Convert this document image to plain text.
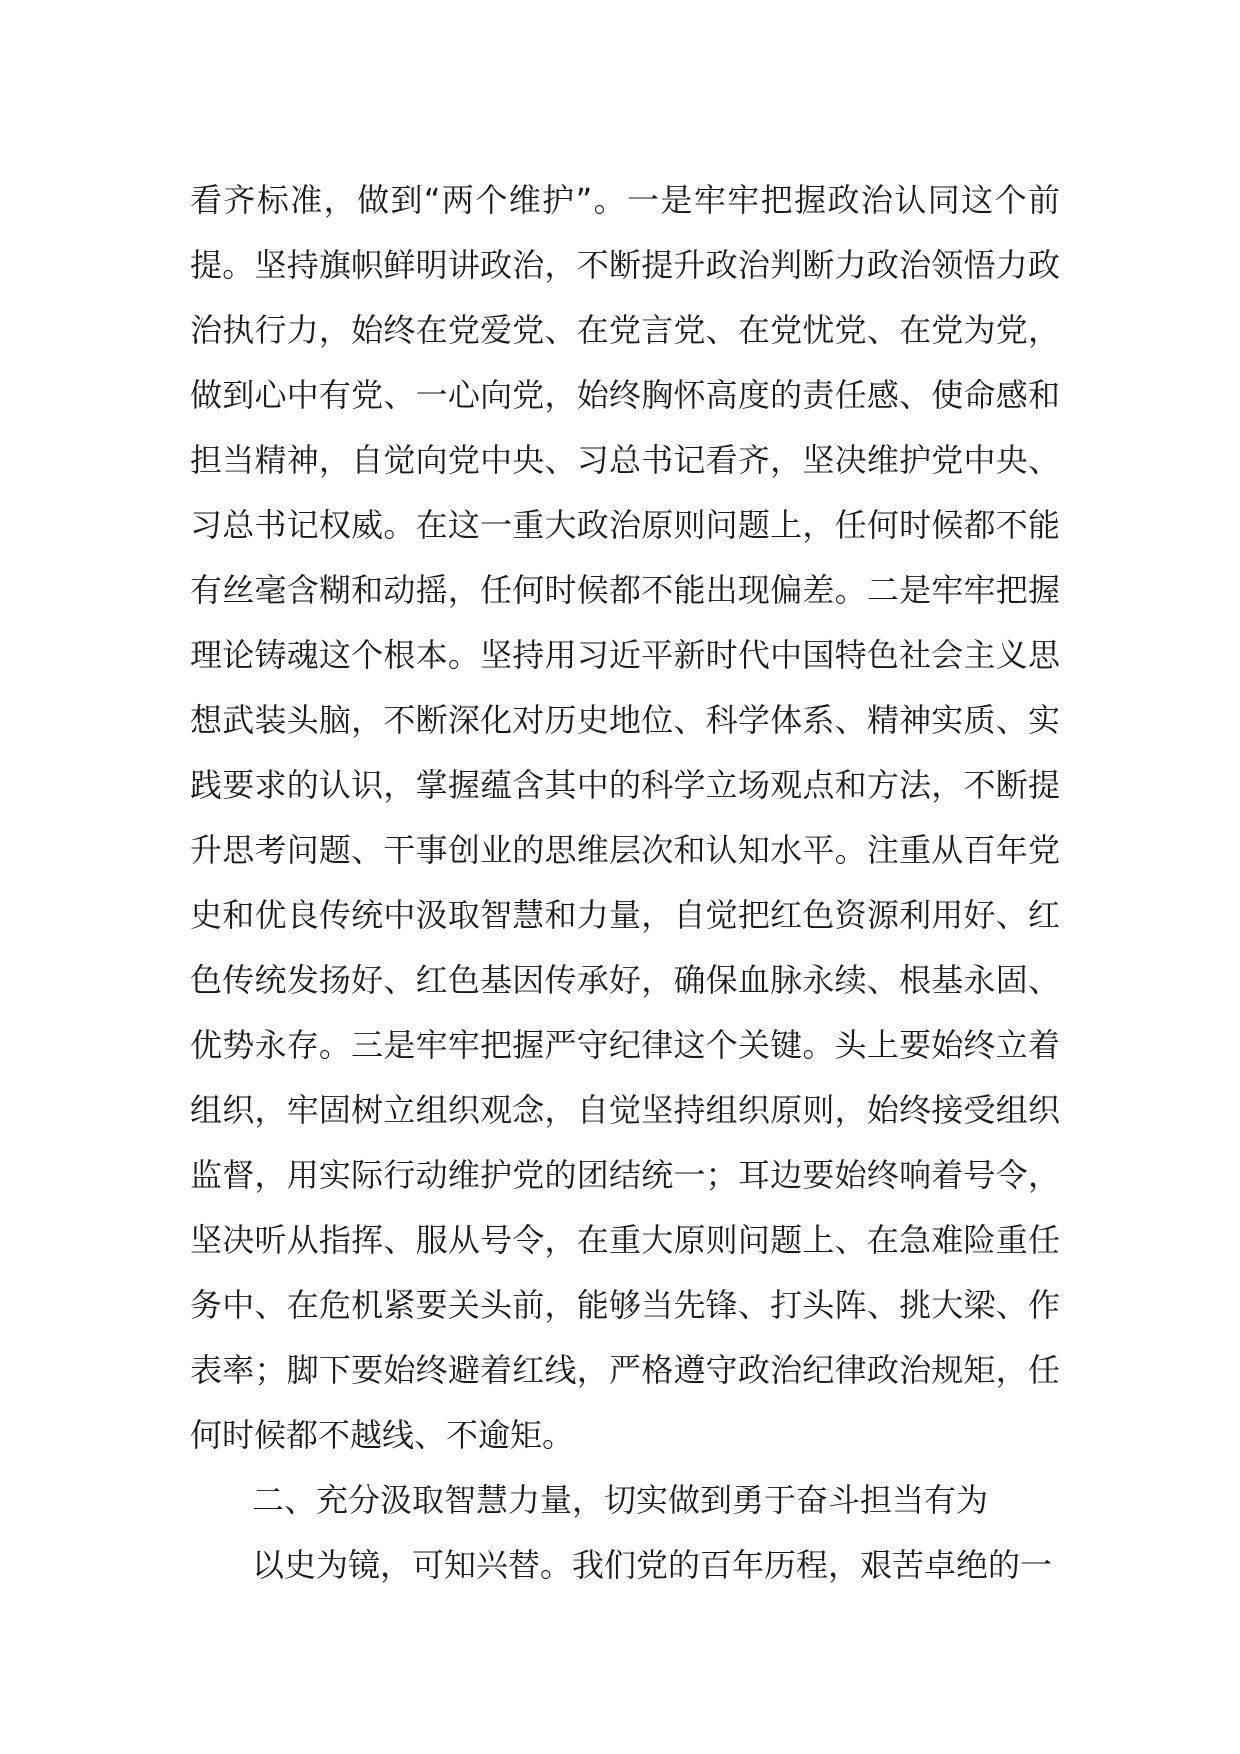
看齐标准，做到“两个维护”。一是牢牢把握政治认同这个前
提。坚持旗帜鲜明讲政治，不断提升政治判断力政治领悟力政
治执行力，始终在党爱党、在党言党、在党忧党、在党为党，
做到心中有党、一心向党，始终胸怀高度的责任感、使命感和
担当精神，自觉向党中央、习总书记看齐，坚决维护党中央、
习总书记权威。在这一重大政治原则问题上，任何时候都不能
有丝毫含糊和动摇，任何时候都不能出现偏差。二是牢牢把握
理论铸魂这个根本。坚持用习近平新时代中国特色社会主义思
想武装头脑，不断深化对历史地位、科学体系、精神实质、实
践要求的认识，掌握蕴含其中的科学立场观点和方法，不断提
升思考问题、干事创业的思维层次和认知水平。注重从百年党
史和优良传统中汲取智慧和力量，自觉把红色资源利用好、红
色传统发扬好、红色基因传承好，确保血脉永续、根基永固、
优势永存。三是牢牢把握严守纪律这个关键。头上要始终立着
组织，牢固树立组织观念，自觉坚持组织原则，始终接受组织
监督，用实际行动维护党的团结统一；耳边要始终响着号令，
坚决听从指挥、服从号令，在重大原则问题上、在急难险重任
务中、在危机紧要关头前，能够当先锋、打头阵、挑大梁、作
表率；脚下要始终避着红线，严格遵守政治纪律政治规矩，任
何时候都不越线、不逾矩。
二、充分汲取智慧力量，切实做到勇于奋斗担当有为
以史为镜，可知兴替。我们党的百年历程，艰苦卓绝的一
